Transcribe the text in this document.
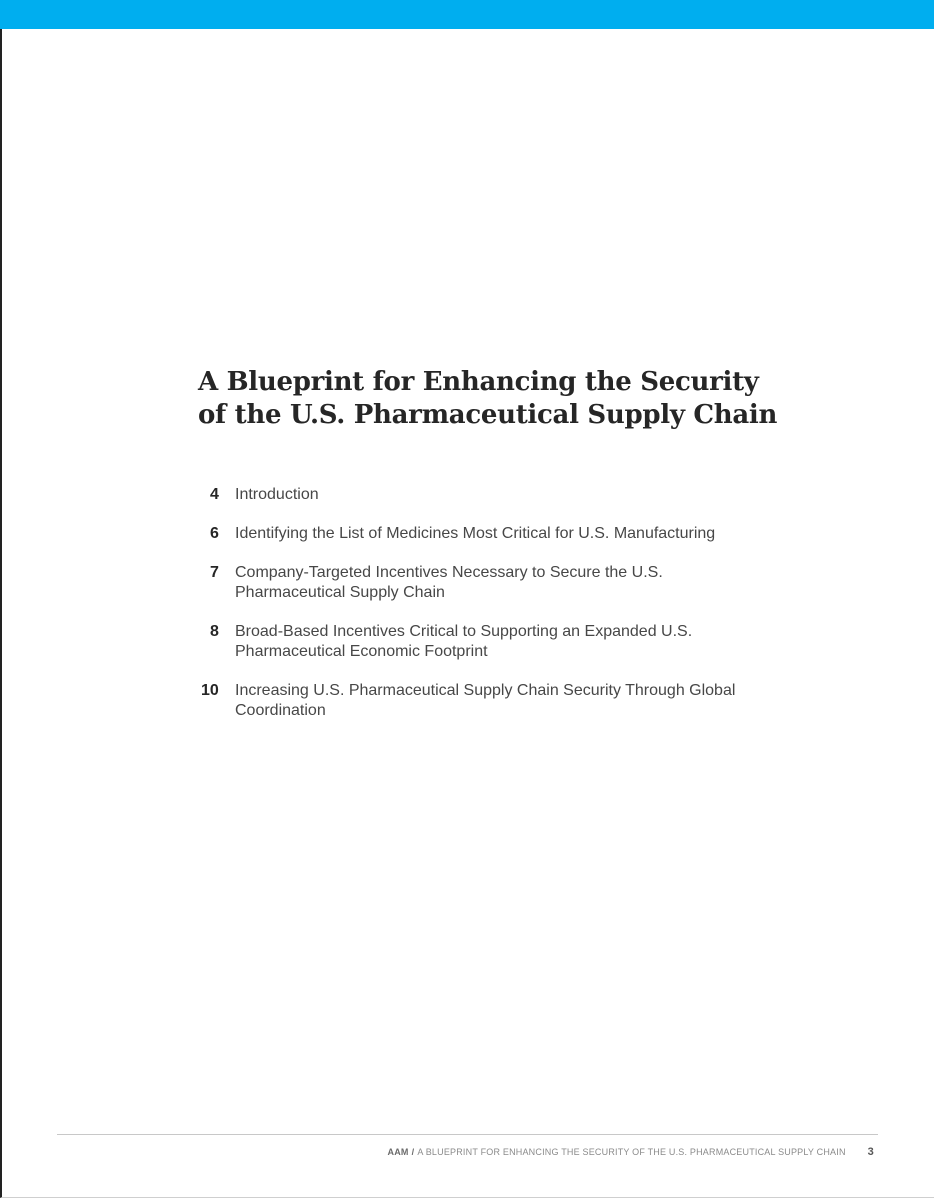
A Blueprint for Enhancing the Security
of the U.S. Pharmaceutical Supply Chain
4	Introduction
6	Identifying the List of Medicines Most Critical for U.S. Manufacturing
7	Company-Targeted Incentives Necessary to Secure the U.S.
Pharmaceutical Supply Chain
8	Broad-Based Incentives Critical to Supporting an Expanded U.S.
Pharmaceutical Economic Footprint
10	Increasing U.S. Pharmaceutical Supply Chain Security Through Global
Coordination
AAM / A BLUEPRINT FOR ENHANCING THE SECURITY OF THE U.S. PHARMACEUTICAL SUPPLY CHAIN 3
